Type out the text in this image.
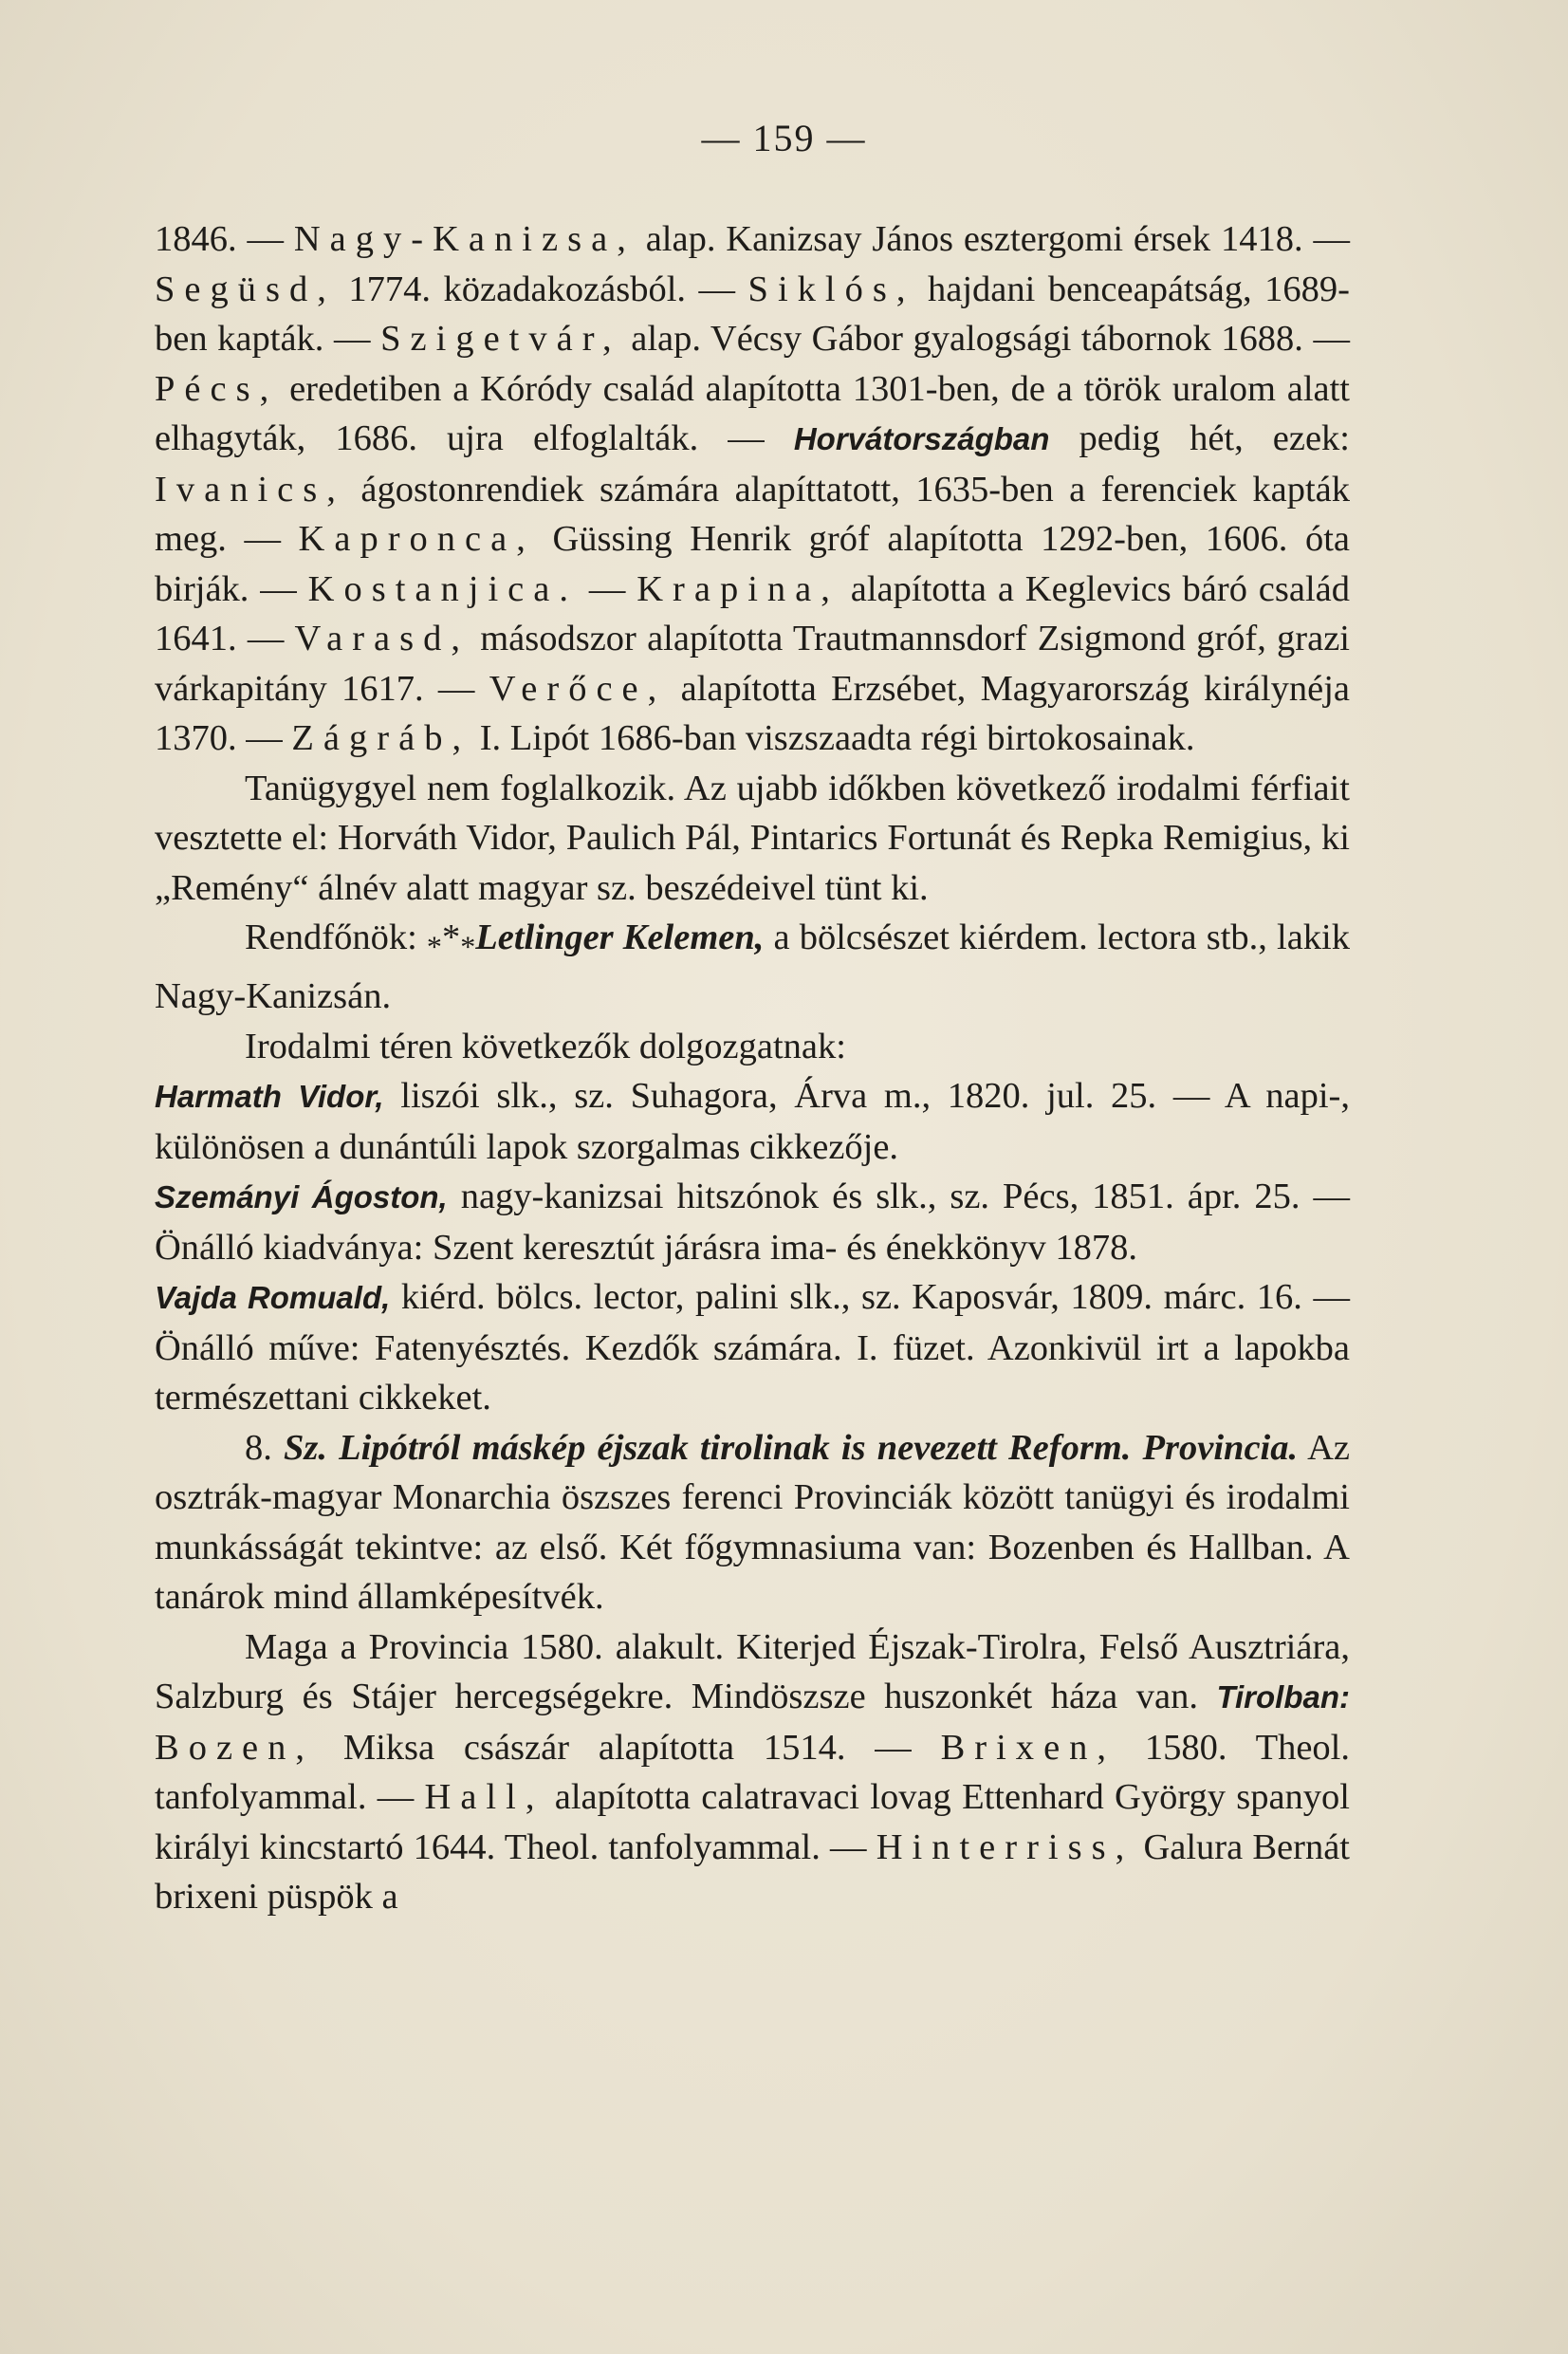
— 159 —

1846. — Nagy-Kanizsa, alap. Kanizsay János esztergomi érsek 1418. — Següsd, 1774. közadakozásból. — Siklós, hajdani benceapátság, 1689-ben kapták. — Szigetvár, alap. Vécsy Gábor gyalogsági tábornok 1688. — Pécs, eredetiben a Kóródy család alapította 1301-ben, de a török uralom alatt elhagyták, 1686. ujra elfoglalták. — Horvátországban pedig hét, ezek: Ivanics, ágostonrendiek számára alapíttatott, 1635-ben a ferenciek kapták meg. — Kapronca, Güssing Henrik gróf alapította 1292-ben, 1606. óta birják. — Kostanjica. — Krapina, alapította a Keglevics báró család 1641. — Varasd, másodszor alapította Trautmannsdorf Zsigmond gróf, grazi várkapitány 1617. — Verőce, alapította Erzsébet, Magyarország királynéja 1370. — Zágráb, I. Lipót 1686-ban viszszaadta régi birtokosainak.

Tanügygyel nem foglalkozik. Az ujabb időkben következő irodalmi férfiait vesztette el: Horváth Vidor, Paulich Pál, Pintarics Fortunát és Repka Remigius, ki „Remény“ álnév alatt magyar sz. beszédeivel tünt ki.

Rendfőnök: $_**_*Letlinger$ Kelemen, a bölcsészet kiérdem. lectora stb., lakik Nagy-Kanizsán.

Irodalmi téren következők dolgozgatnak:

Harmath Vidor, liszói slk., sz. Suhagora, Árva m., 1820. jul. 25. — A napi-, különösen a dunántúli lapok szorgalmas cikkezője.

Szemányi Ágoston, nagy-kanizsai hitszónok és slk., sz. Pécs, 1851. ápr. 25. — Önálló kiadványa: Szent keresztút járásra ima- és énekkönyv 1878.

Vajda Romuald, kiérd. bölcs. lector, palini slk., sz. Kaposvár, 1809. márc. 16. — Önálló műve: Fatenyésztés. Kezdők számára. I. füzet. Azonkivül irt a lapokba természettani cikkeket.

8. Sz. Lipótról máskép éjszak tirolinak is nevezett Reform. Provincia. Az osztrák-magyar Monarchia öszszes ferenci Provinciák között tanügyi és irodalmi munkásságát tekintve: az első. Két főgymnasiuma van: Bozenben és Hallban. A tanárok mind államképesítvék.

Maga a Provincia 1580. alakult. Kiterjed Éjszak-Tirolra, Felső Ausztriára, Salzburg és Stájer hercegségekre. Mindöszsze huszonkét háza van. Tirolban: Bozen, Miksa császár alapította 1514. — Brixen, 1580. Theol. tanfolyammal. — Hall, alapította calatravaci lovag Ettenhard György spanyol királyi kincstartó 1644. Theol. tanfolyammal. — Hinterriss, Galura Bernát brixeni püspök a
